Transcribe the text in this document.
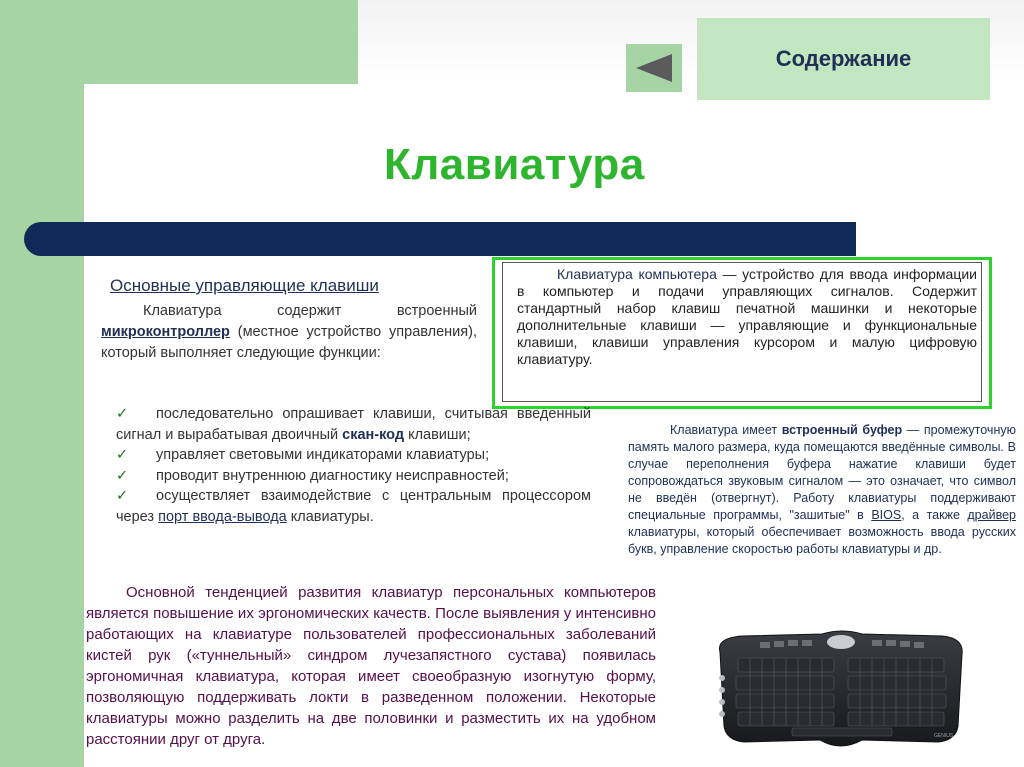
Содержание
Клавиатура
Основные управляющие клавиши
Клавиатура содержит встроенный микроконтроллер (местное устройство управления), который выполняет следующие функции:
Клавиатура компьютера — устройство для ввода информации в компьютер и подачи управляющих сигналов. Содержит стандартный набор клавиш печатной машинки и некоторые дополнительные клавиши — управляющие и функциональные клавиши, клавиши управления курсором и малую цифровую клавиатуру.
✓ последовательно опрашивает клавиши, считывая введенный сигнал и вырабатывая двоичный скан-код клавиши;
✓ управляет световыми индикаторами клавиатуры;
✓ проводит внутреннюю диагностику неисправностей;
✓ осуществляет взаимодействие с центральным процессором через порт ввода-вывода клавиатуры.
Клавиатура имеет встроенный буфер — промежуточную память малого размера, куда помещаются введённые символы. В случае переполнения буфера нажатие клавиши будет сопровождаться звуковым сигналом — это означает, что символ не введён (отвергнут). Работу клавиатуры поддерживают специальные программы, "зашитые" в BIOS, а также драйвер клавиатуры, который обеспечивает возможность ввода русских букв, управление скоростью работы клавиатуры и др.
Основной тенденцией развития клавиатур персональных компьютеров является повышение их эргономических качеств. После выявления у интенсивно работающих на клавиатуре пользователей профессиональных заболеваний кистей рук («туннельный» синдром лучезапястного сустава) появилась эргономичная клавиатура, которая имеет своеобразную изогнутую форму, позволяющую поддерживать локти в разведенном положении. Некоторые клавиатуры можно разделить на две половинки и разместить их на удобном расстоянии друг от друга.	GENIUS
